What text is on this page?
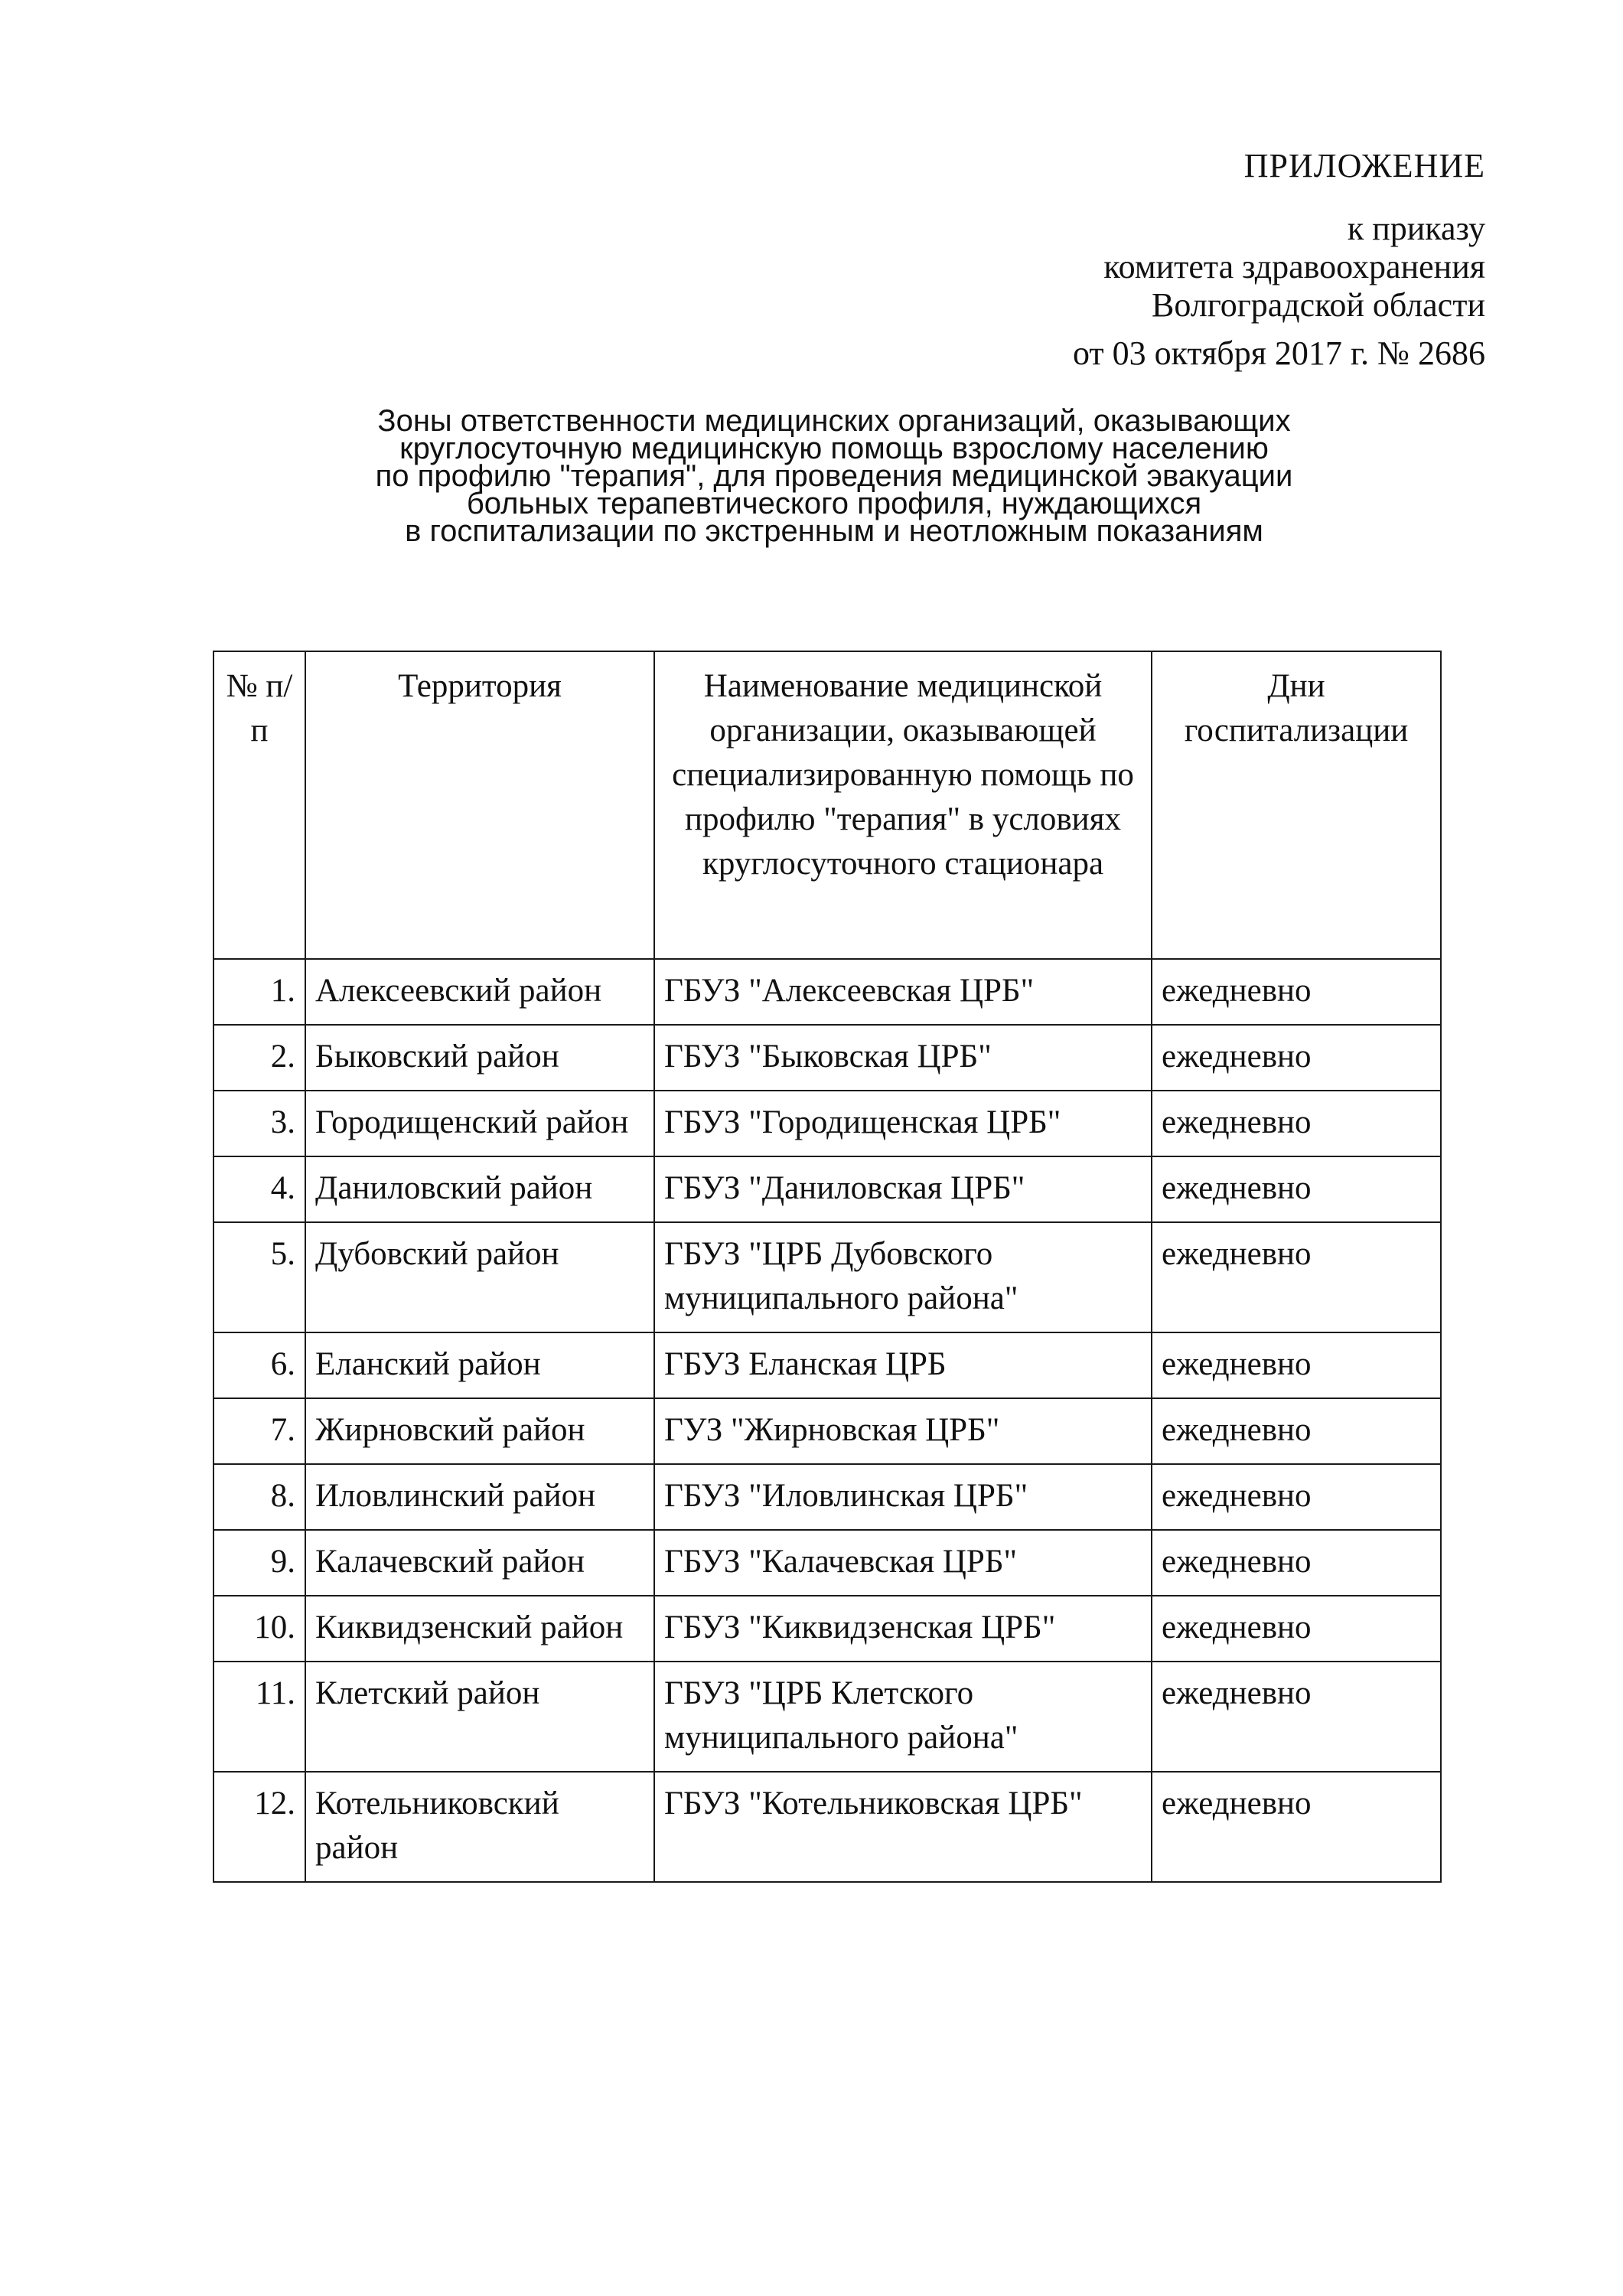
ПРИЛОЖЕНИЕ
к приказу
комитета здравоохранения
Волгоградской области
от 03 октября 2017 г. № 2686
Зоны ответственности медицинских организаций, оказывающих
круглосуточную медицинскую помощь взрослому населению
по профилю "терапия", для проведения медицинской эвакуации
больных терапевтического профиля, нуждающихся
в госпитализации по экстренным и неотложным показаниям
№ п/п	Территория	Наименование медицинской организации, оказывающей специализированную помощь по профилю "терапия" в условиях круглосуточного стационара	Дни госпитализации
1.	Алексеевский район	ГБУЗ "Алексеевская ЦРБ"	ежедневно
2.	Быковский район	ГБУЗ "Быковская ЦРБ"	ежедневно
3.	Городищенский район	ГБУЗ "Городищенская ЦРБ"	ежедневно
4.	Даниловский район	ГБУЗ "Даниловская ЦРБ"	ежедневно
5.	Дубовский район	ГБУЗ "ЦРБ Дубовского муниципального района"	ежедневно
6.	Еланский район	ГБУЗ Еланская ЦРБ	ежедневно
7.	Жирновский район	ГУЗ "Жирновская ЦРБ"	ежедневно
8.	Иловлинский район	ГБУЗ "Иловлинская ЦРБ"	ежедневно
9.	Калачевский район	ГБУЗ "Калачевская ЦРБ"	ежедневно
10.	Киквидзенский район	ГБУЗ "Киквидзенская ЦРБ"	ежедневно
11.	Клетский район	ГБУЗ "ЦРБ Клетского муниципального района"	ежедневно
12.	Котельниковский район	ГБУЗ "Котельниковская ЦРБ"	ежедневно
